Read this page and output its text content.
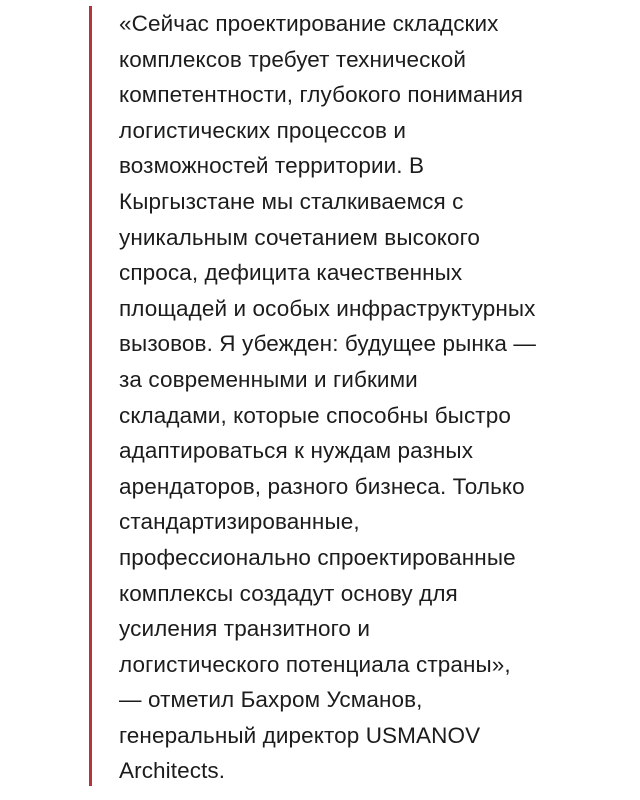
«Сейчас проектирование складских
комплексов требует технической
компетентности, глубокого понимания
логистических процессов и
возможностей территории. В
Кыргызстане мы сталкиваемся с
уникальным сочетанием высокого
спроса, дефицита качественных
площадей и особых инфраструктурных
вызовов. Я убежден: будущее рынка —
за современными и гибкими
складами, которые способны быстро
адаптироваться к нуждам разных
арендаторов, разного бизнеса. Только
стандартизированные,
профессионально спроектированные
комплексы создадут основу для
усиления транзитного и
логистического потенциала страны»,
— отметил Бахром Усманов,
генеральный директор USMANOV
Architects.
